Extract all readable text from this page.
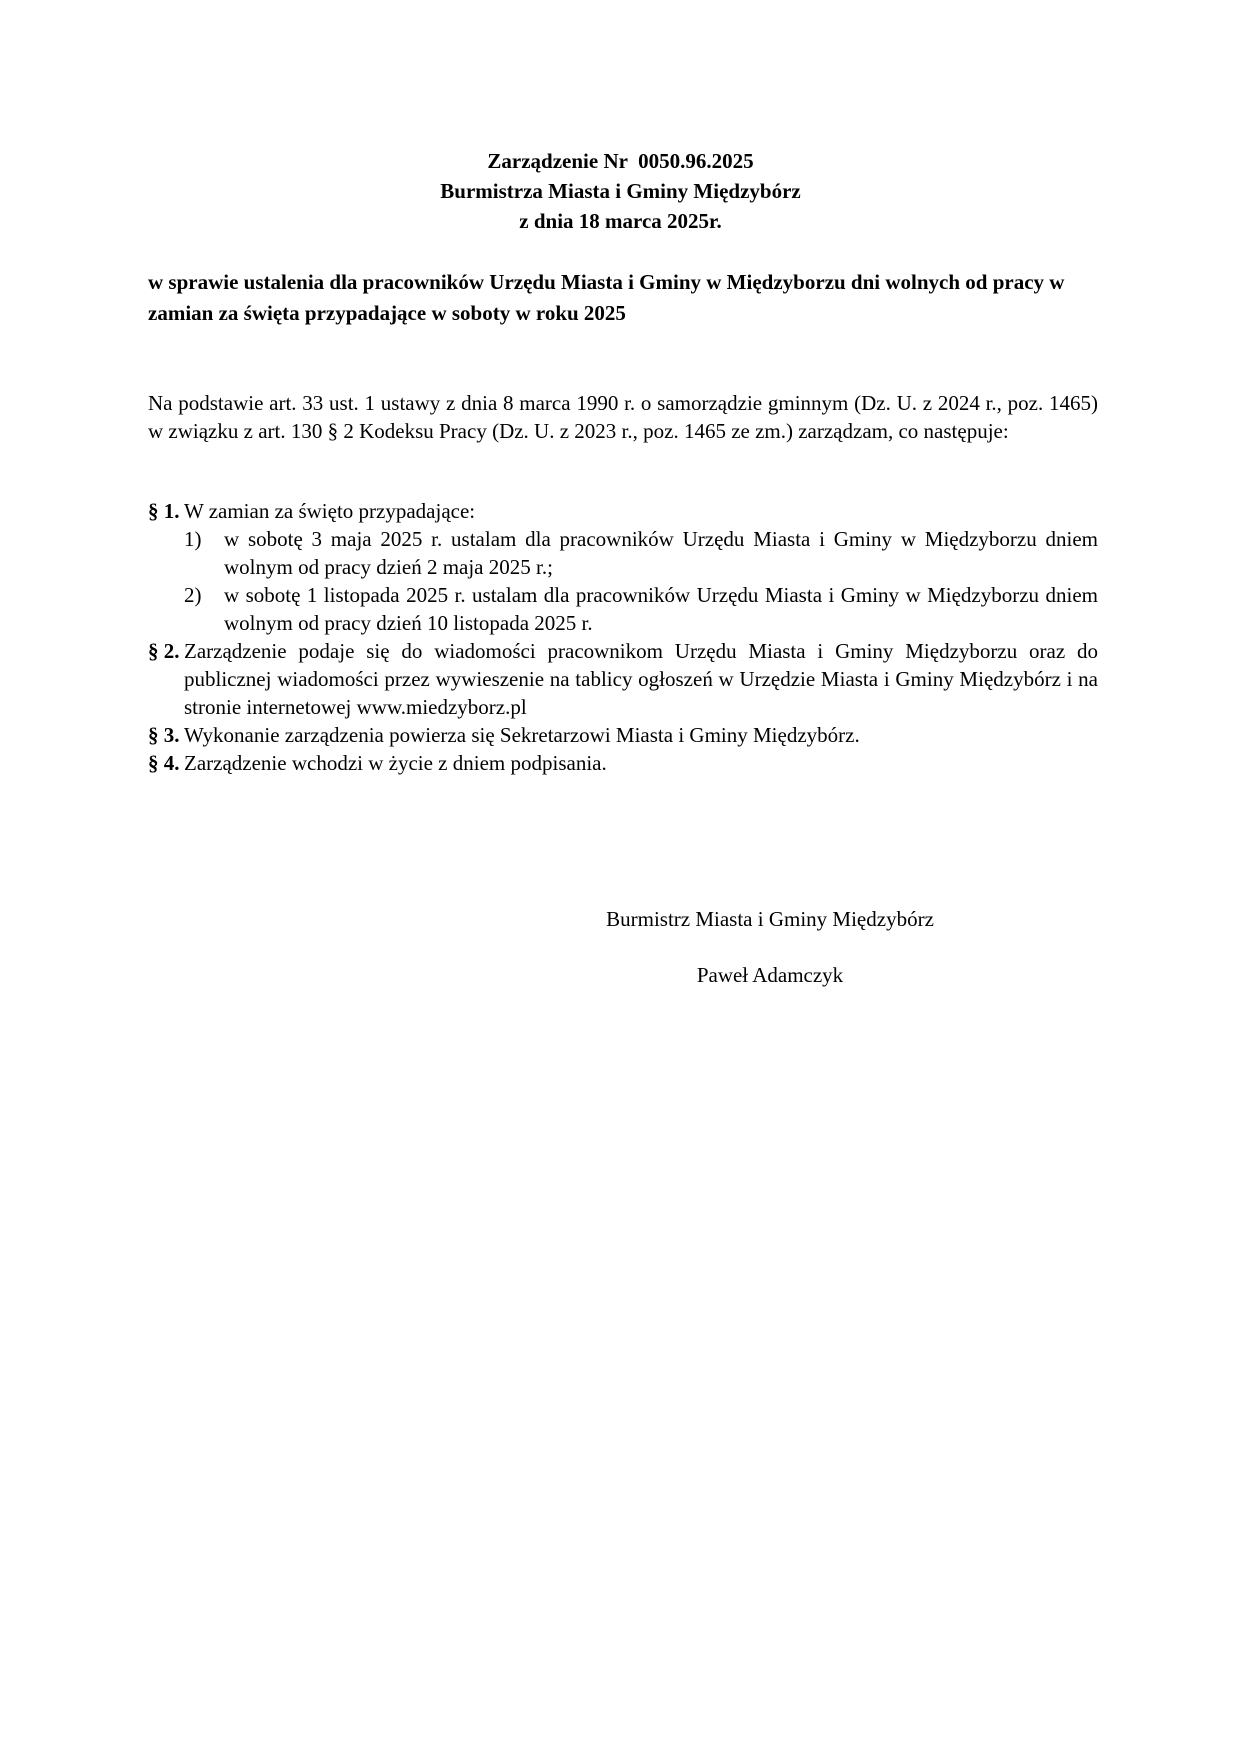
Zarządzenie Nr  0050.96.2025
Burmistrza Miasta i Gminy Międzybórz
z dnia 18 marca 2025r.
w sprawie ustalenia dla pracowników Urzędu Miasta i Gminy w Międzyborzu dni wolnych od pracy w zamian za święta przypadające w soboty w roku 2025
Na podstawie art. 33 ust. 1 ustawy z dnia 8 marca 1990 r. o samorządzie gminnym (Dz. U. z 2024 r., poz. 1465) w związku z art. 130 § 2 Kodeksu Pracy (Dz. U. z 2023 r., poz. 1465 ze zm.) zarządzam, co następuje:
§ 1. W zamian za święto przypadające:
1)	w sobotę 3 maja 2025 r. ustalam dla pracowników Urzędu Miasta i Gminy w Międzyborzu dniem wolnym od pracy dzień 2 maja 2025 r.;
2)	w sobotę 1 listopada 2025 r. ustalam dla pracowników Urzędu Miasta i Gminy w Międzyborzu dniem wolnym od pracy dzień 10 listopada 2025 r.
§ 2. Zarządzenie podaje się do wiadomości pracownikom Urzędu Miasta i Gminy Międzyborzu oraz do publicznej wiadomości przez wywieszenie na tablicy ogłoszeń w Urzędzie Miasta i Gminy Międzybórz i na stronie internetowej www.miedzyborz.pl
§ 3. Wykonanie zarządzenia powierza się Sekretarzowi Miasta i Gminy Międzybórz.
§ 4. Zarządzenie wchodzi w życie z dniem podpisania.
Burmistrz Miasta i Gminy Międzybórz
Paweł Adamczyk
